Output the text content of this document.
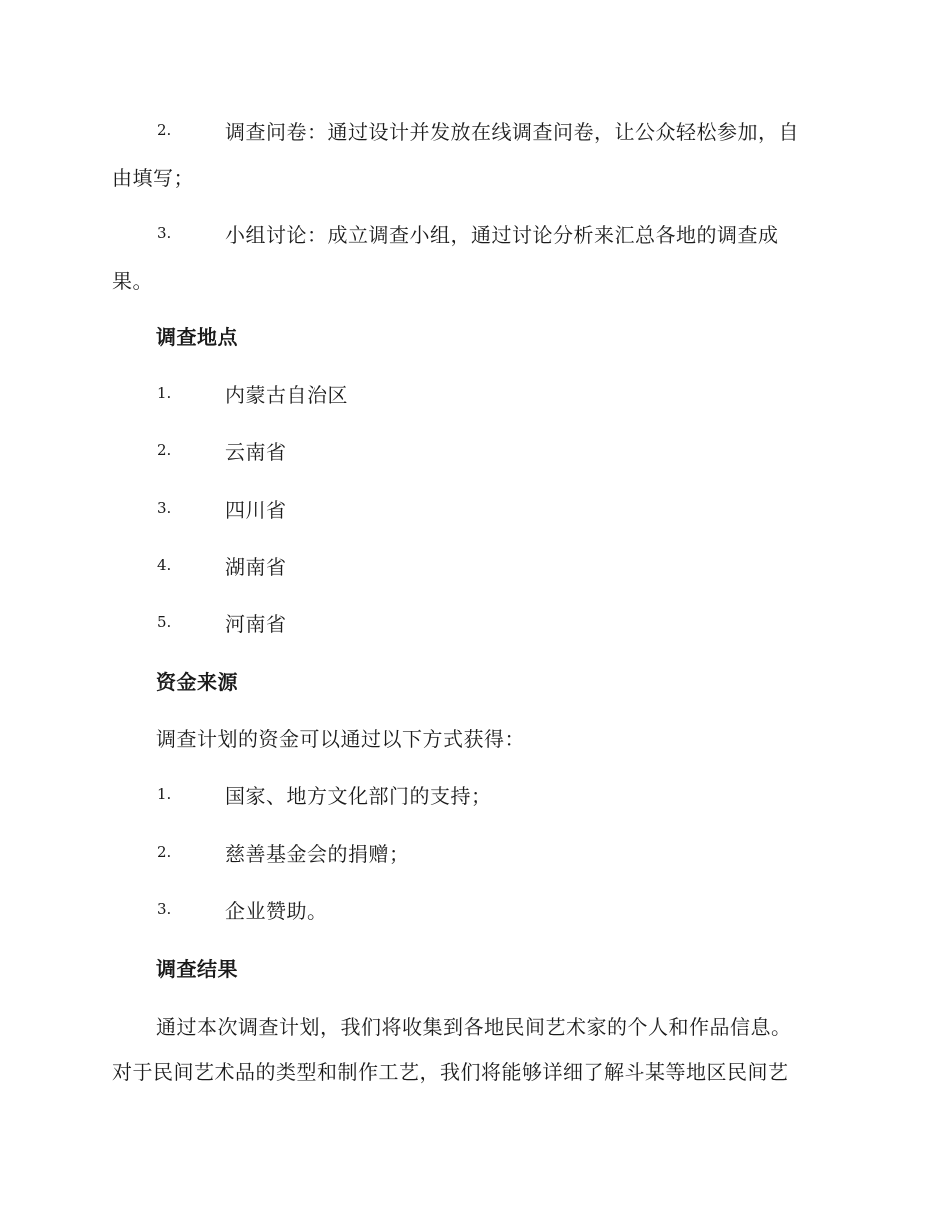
2.	调查问卷：通过设计并发放在线调查问卷，让公众轻松参加，自
由填写；
3.	小组讨论：成立调查小组，通过讨论分析来汇总各地的调查成
果。
调查地点
1.	内蒙古自治区
2.	云南省
3.	四川省
4.	湖南省
5.	河南省
资金来源
调查计划的资金可以通过以下方式获得：
1.	国家、地方文化部门的支持；
2.	慈善基金会的捐赠；
3.	企业赞助。
调查结果
通过本次调查计划，我们将收集到各地民间艺术家的个人和作品信息。
对于民间艺术品的类型和制作工艺，我们将能够详细了解斗某等地区民间艺
